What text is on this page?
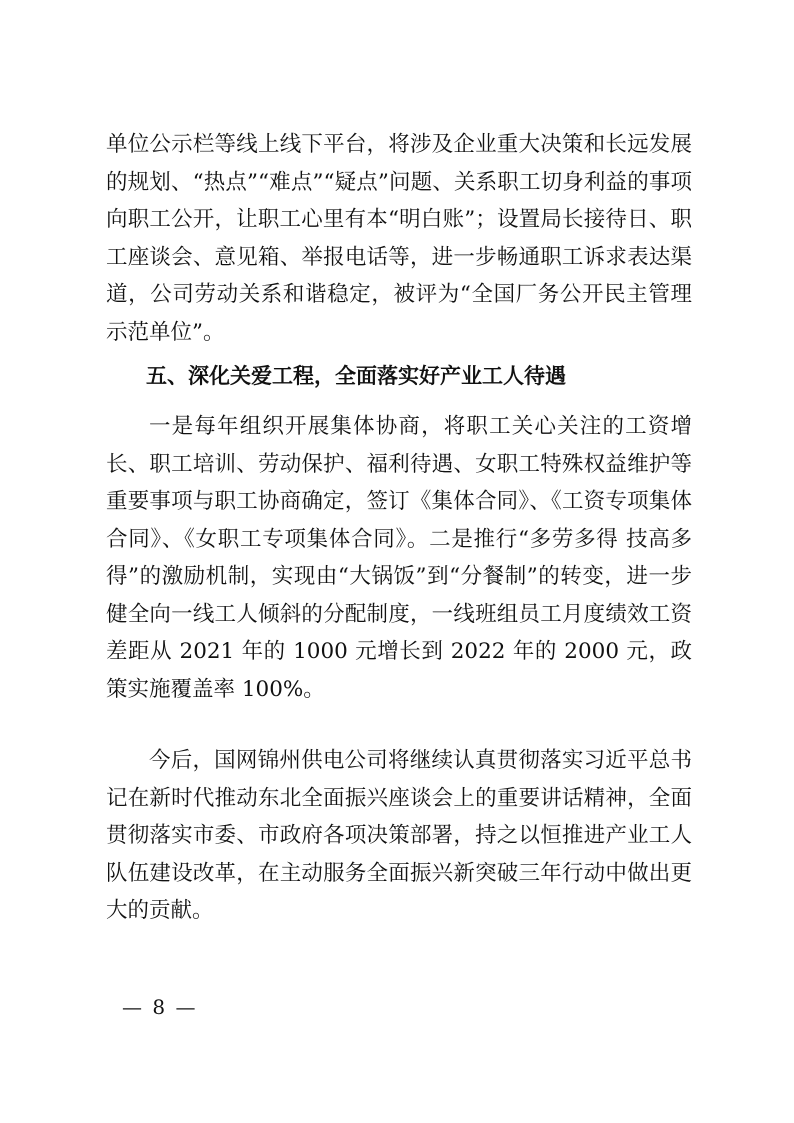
单位公示栏等线上线下平台，将涉及企业重大决策和长远发展的规划、“热点”“难点”“疑点”问题、关系职工切身利益的事项向职工公开，让职工心里有本“明白账”；设置局长接待日、职工座谈会、意见箱、举报电话等，进一步畅通职工诉求表达渠道，公司劳动关系和谐稳定，被评为“全国厂务公开民主管理示范单位”。

五、深化关爱工程，全面落实好产业工人待遇

一是每年组织开展集体协商，将职工关心关注的工资增长、职工培训、劳动保护、福利待遇、女职工特殊权益维护等重要事项与职工协商确定，签订《集体合同》、《工资专项集体合同》、《女职工专项集体合同》。二是推行“多劳多得 技高多得”的激励机制，实现由“大锅饭”到“分餐制”的转变，进一步健全向一线工人倾斜的分配制度，一线班组员工月度绩效工资差距从 2021 年的 1000 元增长到 2022 年的 2000 元，政策实施覆盖率 100%。

今后，国网锦州供电公司将继续认真贯彻落实习近平总书记在新时代推动东北全面振兴座谈会上的重要讲话精神，全面贯彻落实市委、市政府各项决策部署，持之以恒推进产业工人队伍建设改革，在主动服务全面振兴新突破三年行动中做出更大的贡献。

— 8 —
